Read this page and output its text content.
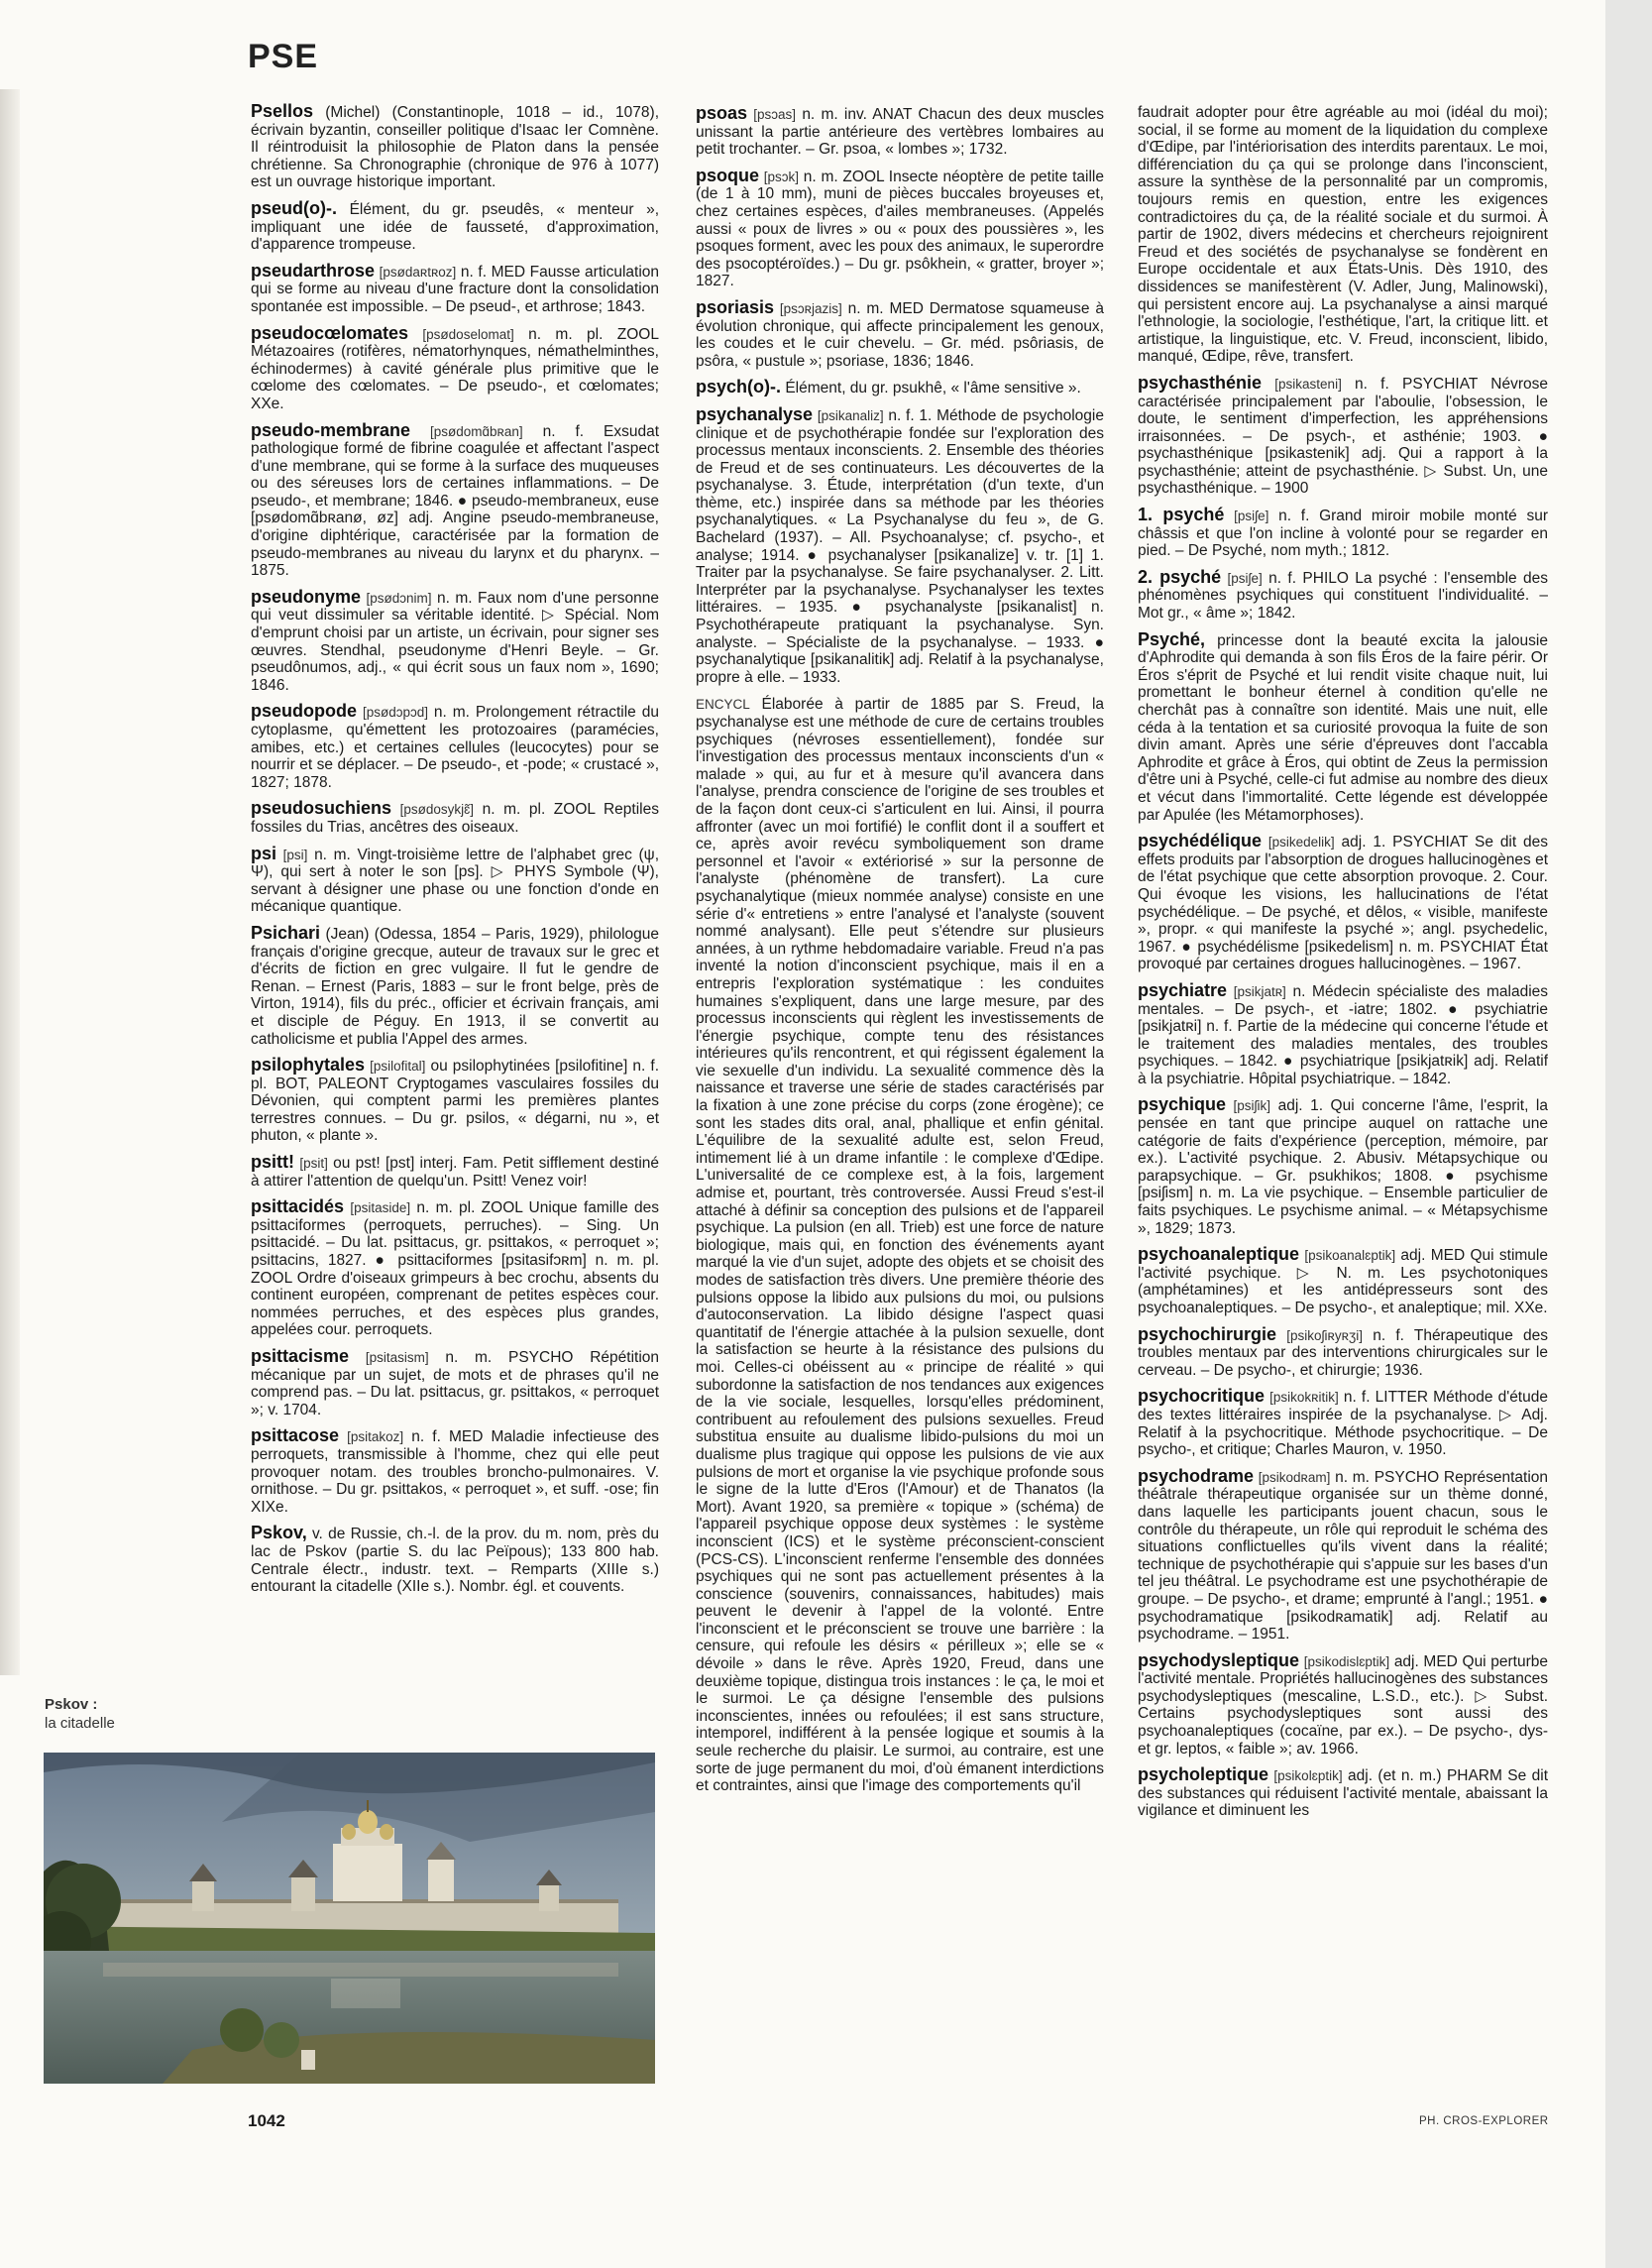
PSE

Psellos (Michel) (Constantinople, 1018 – id., 1078), écrivain byzantin, conseiller politique d'Isaac Ier Comnène. Il réintroduisit la philosophie de Platon dans la pensée chrétienne. Sa Chronographie (chronique de 976 à 1077) est un ouvrage historique important.

pseud(o)-. Élément, du gr. pseudês, « menteur », impliquant une idée de fausseté, d'approximation, d'apparence trompeuse.

pseudarthrose [psødaʀtʀoz] n. f. MED Fausse articulation qui se forme au niveau d'une fracture dont la consolidation spontanée est impossible. – De pseud-, et arthrose; 1843.

pseudocœlomates [psødoselomat] n. m. pl. ZOOL Métazoaires (rotifères, nématorhynques, némathelminthes, échinodermes) à cavité générale plus primitive que le cœlome des cœlomates. – De pseudo-, et cœlomates; XXe.

pseudo-membrane [psødomɑ̃bʀan] n. f. Exsudat pathologique formé de fibrine coagulée et affectant l'aspect d'une membrane, qui se forme à la surface des muqueuses ou des séreuses lors de certaines inflammations. – De pseudo-, et membrane; 1846. ● pseudo-membraneux, euse [psødomɑ̃bʀanø, øz] adj. Angine pseudo-membraneuse, d'origine diphtérique, caractérisée par la formation de pseudo-membranes au niveau du larynx et du pharynx. – 1875.

pseudonyme [psødɔnim] n. m. Faux nom d'une personne qui veut dissimuler sa véritable identité. ▷ Spécial. Nom d'emprunt choisi par un artiste, un écrivain, pour signer ses œuvres. Stendhal, pseudonyme d'Henri Beyle. – Gr. pseudônumos, adj., « qui écrit sous un faux nom », 1690; 1846.

pseudopode [psødɔpɔd] n. m. Prolongement rétractile du cytoplasme, qu'émettent les protozoaires (paramécies, amibes, etc.) et certaines cellules (leucocytes) pour se nourrir et se déplacer. – De pseudo-, et -pode; « crustacé », 1827; 1878.

pseudosuchiens [psødosykjɛ̃] n. m. pl. ZOOL Reptiles fossiles du Trias, ancêtres des oiseaux.

psi [psi] n. m. Vingt-troisième lettre de l'alphabet grec (ψ, Ψ), qui sert à noter le son [ps]. ▷ PHYS Symbole (Ψ), servant à désigner une phase ou une fonction d'onde en mécanique quantique.

Psichari (Jean) (Odessa, 1854 – Paris, 1929), philologue français d'origine grecque, auteur de travaux sur le grec et d'écrits de fiction en grec vulgaire. Il fut le gendre de Renan. – Ernest (Paris, 1883 – sur le front belge, près de Virton, 1914), fils du préc., officier et écrivain français, ami et disciple de Péguy. En 1913, il se convertit au catholicisme et publia l'Appel des armes.

psilophytales [psilofital] ou psilophytinées [psilofitine] n. f. pl. BOT, PALEONT Cryptogames vasculaires fossiles du Dévonien, qui comptent parmi les premières plantes terrestres connues. – Du gr. psilos, « dégarni, nu », et phuton, « plante ».

psitt! [psit] ou pst! [pst] interj. Fam. Petit sifflement destiné à attirer l'attention de quelqu'un. Psitt! Venez voir!

psittacidés [psitaside] n. m. pl. ZOOL Unique famille des psittaciformes (perroquets, perruches). – Sing. Un psittacidé. – Du lat. psittacus, gr. psittakos, « perroquet »; psittacins, 1827. ● psittaciformes [psitasifɔʀm] n. m. pl. ZOOL Ordre d'oiseaux grimpeurs à bec crochu, absents du continent européen, comprenant de petites espèces cour. nommées perruches, et des espèces plus grandes, appelées cour. perroquets.

psittacisme [psitasism] n. m. PSYCHO Répétition mécanique par un sujet, de mots et de phrases qu'il ne comprend pas. – Du lat. psittacus, gr. psittakos, « perroquet »; v. 1704.

psittacose [psitakoz] n. f. MED Maladie infectieuse des perroquets, transmissible à l'homme, chez qui elle peut provoquer notam. des troubles broncho-pulmonaires. V. ornithose. – Du gr. psittakos, « perroquet », et suff. -ose; fin XIXe.

Pskov, v. de Russie, ch.-l. de la prov. du m. nom, près du lac de Pskov (partie S. du lac Peïpous); 133 800 hab. Centrale électr., industr. text. – Remparts (XIIIe s.) entourant la citadelle (XIIe s.). Nombr. égl. et couvents.

psoas [psɔas] n. m. inv. ANAT Chacun des deux muscles unissant la partie antérieure des vertèbres lombaires au petit trochanter. – Gr. psoa, « lombes »; 1732.

psoque [psɔk] n. m. ZOOL Insecte néoptère de petite taille (de 1 à 10 mm), muni de pièces buccales broyeuses et, chez certaines espèces, d'ailes membraneuses. (Appelés aussi « poux de livres » ou « poux des poussières », les psoques forment, avec les poux des animaux, le superordre des psocoptéroïdes.) – Du gr. psôkhein, « gratter, broyer »; 1827.

psoriasis [psɔʀjazis] n. m. MED Dermatose squameuse à évolution chronique, qui affecte principalement les genoux, les coudes et le cuir chevelu. – Gr. méd. psôriasis, de psôra, « pustule »; psoriase, 1836; 1846.

psych(o)-. Élément, du gr. psukhê, « l'âme sensitive ».

psychanalyse [psikanaliz] n. f. 1. Méthode de psychologie clinique et de psychothérapie fondée sur l'exploration des processus mentaux inconscients. 2. Ensemble des théories de Freud et de ses continuateurs. Les découvertes de la psychanalyse. 3. Étude, interprétation (d'un texte, d'un thème, etc.) inspirée dans sa méthode par les théories psychanalytiques. « La Psychanalyse du feu », de G. Bachelard (1937). – All. Psychoanalyse; cf. psycho-, et analyse; 1914. ● psychanalyser [psikanalize] v. tr. [1] 1. Traiter par la psychanalyse. Se faire psychanalyser. 2. Litt. Interpréter par la psychanalyse. Psychanalyser les textes littéraires. – 1935. ● psychanalyste [psikanalist] n. Psychothérapeute pratiquant la psychanalyse. Syn. analyste. – Spécialiste de la psychanalyse. – 1933. ● psychanalytique [psikanalitik] adj. Relatif à la psychanalyse, propre à elle. – 1933.

ENCYCL Élaborée à partir de 1885 par S. Freud, la psychanalyse est une méthode de cure de certains troubles psychiques (névroses essentiellement), fondée sur l'investigation des processus mentaux inconscients d'un « malade » qui, au fur et à mesure qu'il avancera dans l'analyse, prendra conscience de l'origine de ses troubles et de la façon dont ceux-ci s'articulent en lui. Ainsi, il pourra affronter (avec un moi fortifié) le conflit dont il a souffert et ce, après avoir revécu symboliquement son drame personnel et l'avoir « extériorisé » sur la personne de l'analyste (phénomène de transfert). La cure psychanalytique (mieux nommée analyse) consiste en une série d'« entretiens » entre l'analysé et l'analyste (souvent nommé analysant). Elle peut s'étendre sur plusieurs années, à un rythme hebdomadaire variable. Freud n'a pas inventé la notion d'inconscient psychique, mais il en a entrepris l'exploration systématique : les conduites humaines s'expliquent, dans une large mesure, par des processus inconscients qui règlent les investissements de l'énergie psychique, compte tenu des résistances intérieures qu'ils rencontrent, et qui régissent également la vie sexuelle d'un individu. La sexualité commence dès la naissance et traverse une série de stades caractérisés par la fixation à une zone précise du corps (zone érogène); ce sont les stades dits oral, anal, phallique et enfin génital. L'équilibre de la sexualité adulte est, selon Freud, intimement lié à un drame infantile : le complexe d'Œdipe. L'universalité de ce complexe est, à la fois, largement admise et, pourtant, très controversée. Aussi Freud s'est-il attaché à définir sa conception des pulsions et de l'appareil psychique. La pulsion (en all. Trieb) est une force de nature biologique, mais qui, en fonction des événements ayant marqué la vie d'un sujet, adopte des objets et se choisit des modes de satisfaction très divers. Une première théorie des pulsions oppose la libido aux pulsions du moi, ou pulsions d'autoconservation. La libido désigne l'aspect quasi quantitatif de l'énergie attachée à la pulsion sexuelle, dont la satisfaction se heurte à la résistance des pulsions du moi. Celles-ci obéissent au « principe de réalité » qui subordonne la satisfaction de nos tendances aux exigences de la vie sociale, lesquelles, lorsqu'elles prédominent, contribuent au refoulement des pulsions sexuelles. Freud substitua ensuite au dualisme libido-pulsions du moi un dualisme plus tragique qui oppose les pulsions de vie aux pulsions de mort et organise la vie psychique profonde sous le signe de la lutte d'Eros (l'Amour) et de Thanatos (la Mort). Avant 1920, sa première « topique » (schéma) de l'appareil psychique oppose deux systèmes : le système inconscient (ICS) et le système préconscient-conscient (PCS-CS). L'inconscient renferme l'ensemble des données psychiques qui ne sont pas actuellement présentes à la conscience (souvenirs, connaissances, habitudes) mais peuvent le devenir à l'appel de la volonté. Entre l'inconscient et le préconscient se trouve une barrière : la censure, qui refoule les désirs « périlleux »; elle se « dévoile » dans le rêve. Après 1920, Freud, dans une deuxième topique, distingua trois instances : le ça, le moi et le surmoi. Le ça désigne l'ensemble des pulsions inconscientes, innées ou refoulées; il est sans structure, intemporel, indifférent à la pensée logique et soumis à la seule recherche du plaisir. Le surmoi, au contraire, est une sorte de juge permanent du moi, d'où émanent interdictions et contraintes, ainsi que l'image des comportements qu'il

faudrait adopter pour être agréable au moi (idéal du moi); social, il se forme au moment de la liquidation du complexe d'Œdipe, par l'intériorisation des interdits parentaux. Le moi, différenciation du ça qui se prolonge dans l'inconscient, assure la synthèse de la personnalité par un compromis, toujours remis en question, entre les exigences contradictoires du ça, de la réalité sociale et du surmoi. À partir de 1902, divers médecins et chercheurs rejoignirent Freud et des sociétés de psychanalyse se fondèrent en Europe occidentale et aux États-Unis. Dès 1910, des dissidences se manifestèrent (V. Adler, Jung, Malinowski), qui persistent encore auj. La psychanalyse a ainsi marqué l'ethnologie, la sociologie, l'esthétique, l'art, la critique litt. et artistique, la linguistique, etc. V. Freud, inconscient, libido, manqué, Œdipe, rêve, transfert.

psychasthénie [psikasteni] n. f. PSYCHIAT Névrose caractérisée principalement par l'aboulie, l'obsession, le doute, le sentiment d'imperfection, les appréhensions irraisonnées. – De psych-, et asthénie; 1903. ● psychasthénique [psikastenik] adj. Qui a rapport à la psychasthénie; atteint de psychasthénie. ▷ Subst. Un, une psychasthénique. – 1900

1. psyché [psiʃe] n. f. Grand miroir mobile monté sur châssis et que l'on incline à volonté pour se regarder en pied. – De Psyché, nom myth.; 1812.

2. psyché [psiʃe] n. f. PHILO La psyché : l'ensemble des phénomènes psychiques qui constituent l'individualité. – Mot gr., « âme »; 1842.

Psyché, princesse dont la beauté excita la jalousie d'Aphrodite qui demanda à son fils Éros de la faire périr. Or Éros s'éprit de Psyché et lui rendit visite chaque nuit, lui promettant le bonheur éternel à condition qu'elle ne cherchât pas à connaître son identité. Mais une nuit, elle céda à la tentation et sa curiosité provoqua la fuite de son divin amant. Après une série d'épreuves dont l'accabla Aphrodite et grâce à Éros, qui obtint de Zeus la permission d'être uni à Psyché, celle-ci fut admise au nombre des dieux et vécut dans l'immortalité. Cette légende est développée par Apulée (les Métamorphoses).

psychédélique [psikedelik] adj. 1. PSYCHIAT Se dit des effets produits par l'absorption de drogues hallucinogènes et de l'état psychique que cette absorption provoque. 2. Cour. Qui évoque les visions, les hallucinations de l'état psychédélique. – De psyché, et dêlos, « visible, manifeste », propr. « qui manifeste la psyché »; angl. psychedelic, 1967. ● psychédélisme [psikedelism] n. m. PSYCHIAT État provoqué par certaines drogues hallucinogènes. – 1967.

psychiatre [psikjatʀ] n. Médecin spécialiste des maladies mentales. – De psych-, et -iatre; 1802. ● psychiatrie [psikjatʀi] n. f. Partie de la médecine qui concerne l'étude et le traitement des maladies mentales, des troubles psychiques. – 1842. ● psychiatrique [psikjatʀik] adj. Relatif à la psychiatrie. Hôpital psychiatrique. – 1842.

psychique [psiʃik] adj. 1. Qui concerne l'âme, l'esprit, la pensée en tant que principe auquel on rattache une catégorie de faits d'expérience (perception, mémoire, par ex.). L'activité psychique. 2. Abusiv. Métapsychique ou parapsychique. – Gr. psukhikos; 1808. ● psychisme [psiʃism] n. m. La vie psychique. – Ensemble particulier de faits psychiques. Le psychisme animal. – « Métapsychisme », 1829; 1873.

psychoanaleptique [psikoanalɛptik] adj. MED Qui stimule l'activité psychique. ▷ N. m. Les psychotoniques (amphétamines) et les antidépresseurs sont des psychoanaleptiques. – De psycho-, et analeptique; mil. XXe.

psychochirurgie [psikoʃiʀyʀʒi] n. f. Thérapeutique des troubles mentaux par des interventions chirurgicales sur le cerveau. – De psycho-, et chirurgie; 1936.

psychocritique [psikokʀitik] n. f. LITTER Méthode d'étude des textes littéraires inspirée de la psychanalyse. ▷ Adj. Relatif à la psychocritique. Méthode psychocritique. – De psycho-, et critique; Charles Mauron, v. 1950.

psychodrame [psikodʀam] n. m. PSYCHO Représentation théâtrale thérapeutique organisée sur un thème donné, dans laquelle les participants jouent chacun, sous le contrôle du thérapeute, un rôle qui reproduit le schéma des situations conflictuelles qu'ils vivent dans la réalité; technique de psychothérapie qui s'appuie sur les bases d'un tel jeu théâtral. Le psychodrame est une psychothérapie de groupe. – De psycho-, et drame; emprunté à l'angl.; 1951. ● psychodramatique [psikodʀamatik] adj. Relatif au psychodrame. – 1951.

psychodysleptique [psikodislɛptik] adj. MED Qui perturbe l'activité mentale. Propriétés hallucinogènes des substances psychodysleptiques (mescaline, L.S.D., etc.). ▷ Subst. Certains psychodysleptiques sont aussi des psychoanaleptiques (cocaïne, par ex.). – De psycho-, dys- et gr. leptos, « faible »; av. 1966.

psycholeptique [psikolɛptik] adj. (et n. m.) PHARM Se dit des substances qui réduisent l'activité mentale, abaissant la vigilance et diminuent les

Pskov :
la citadelle
1042	PH. CROS-EXPLORER
